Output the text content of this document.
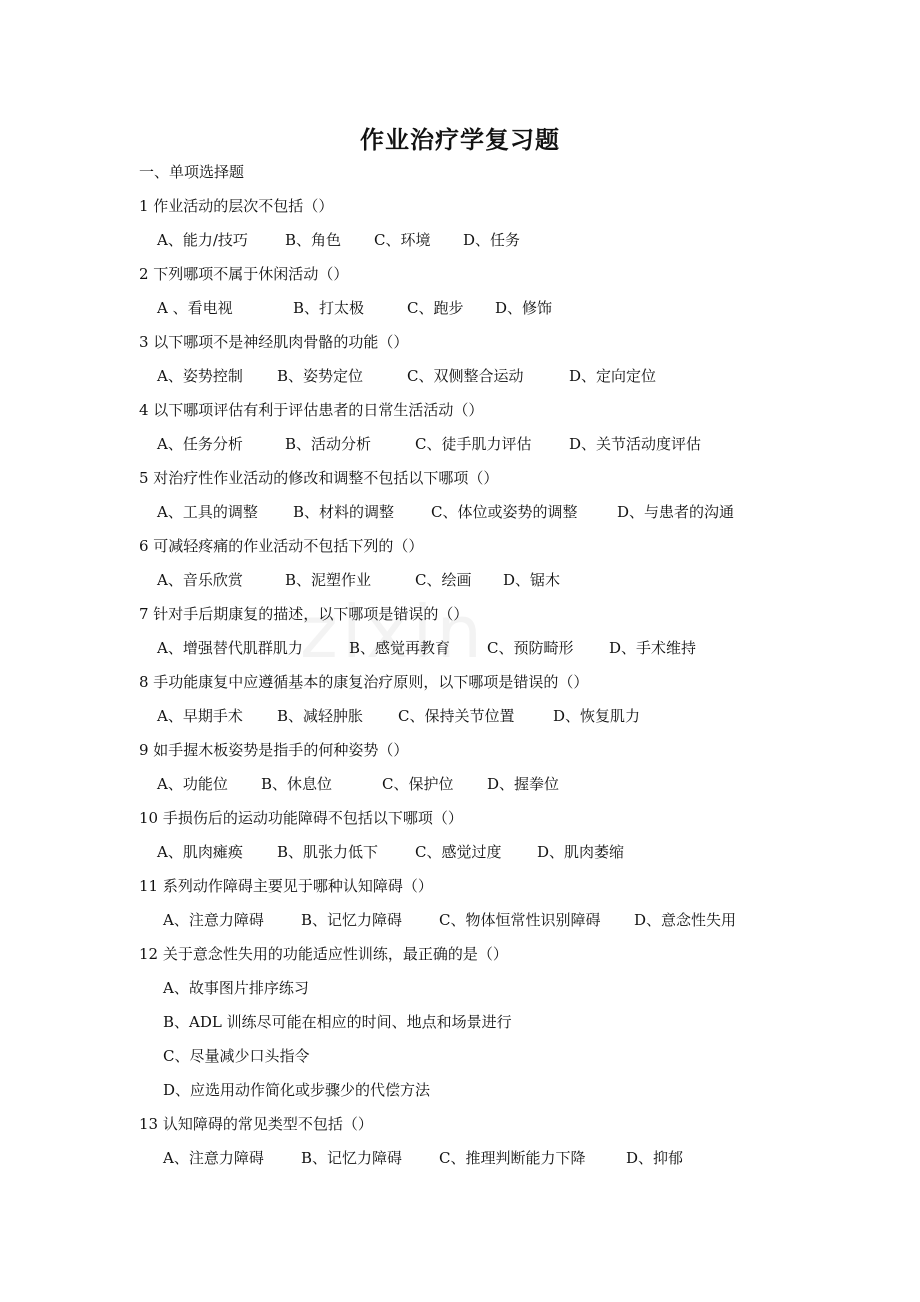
作业治疗学复习题
一、单项选择题
1 作业活动的层次不包括（）
A、能力/技巧 B、角色 C、环境 D、任务
2 下列哪项不属于休闲活动（）
A 、看电视	B、打太极	C、跑步 D、修饰
3 以下哪项不是神经肌肉骨骼的功能（）
A、姿势控制 B、姿势定位	C、双侧整合运动	D、定向定位
4 以下哪项评估有利于评估患者的日常生活活动（）
A、任务分析	B、活动分析	C、徒手肌力评估	D、关节活动度评估
5 对治疗性作业活动的修改和调整不包括以下哪项（）
A、工具的调整 B、材料的调整 C、体位或姿势的调整	D、与患者的沟通
6 可减轻疼痛的作业活动不包括下列的（）
A、音乐欣赏	B、泥塑作业	C、绘画 D、锯木
7 针对手后期康复的描述，以下哪项是错误的（）
A、增强替代肌群肌力	B、感觉再教育 C、预防畸形 D、手术维持
8 手功能康复中应遵循基本的康复治疗原则，以下哪项是错误的（）
A、早期手术 B、减轻肿胀 C、保持关节位置	D、恢复肌力
9 如手握木板姿势是指手的何种姿势（）
A、功能位 B、休息位	C、保护位 D、握拳位
10 手损伤后的运动功能障碍不包括以下哪项（）
A、肌肉瘫痪 B、肌张力低下 C、感觉过度 D、肌肉萎缩
11 系列动作障碍主要见于哪种认知障碍（）
A、注意力障碍 B、记忆力障碍 C、物体恒常性识别障碍 D、意念性失用
12 关于意念性失用的功能适应性训练，最正确的是（）
A、故事图片排序练习
B、ADL 训练尽可能在相应的时间、地点和场景进行
C、尽量减少口头指令
D、应选用动作简化或步骤少的代偿方法
13 认知障碍的常见类型不包括（）
A、注意力障碍 B、记忆力障碍 C、推理判断能力下降	D、抑郁
